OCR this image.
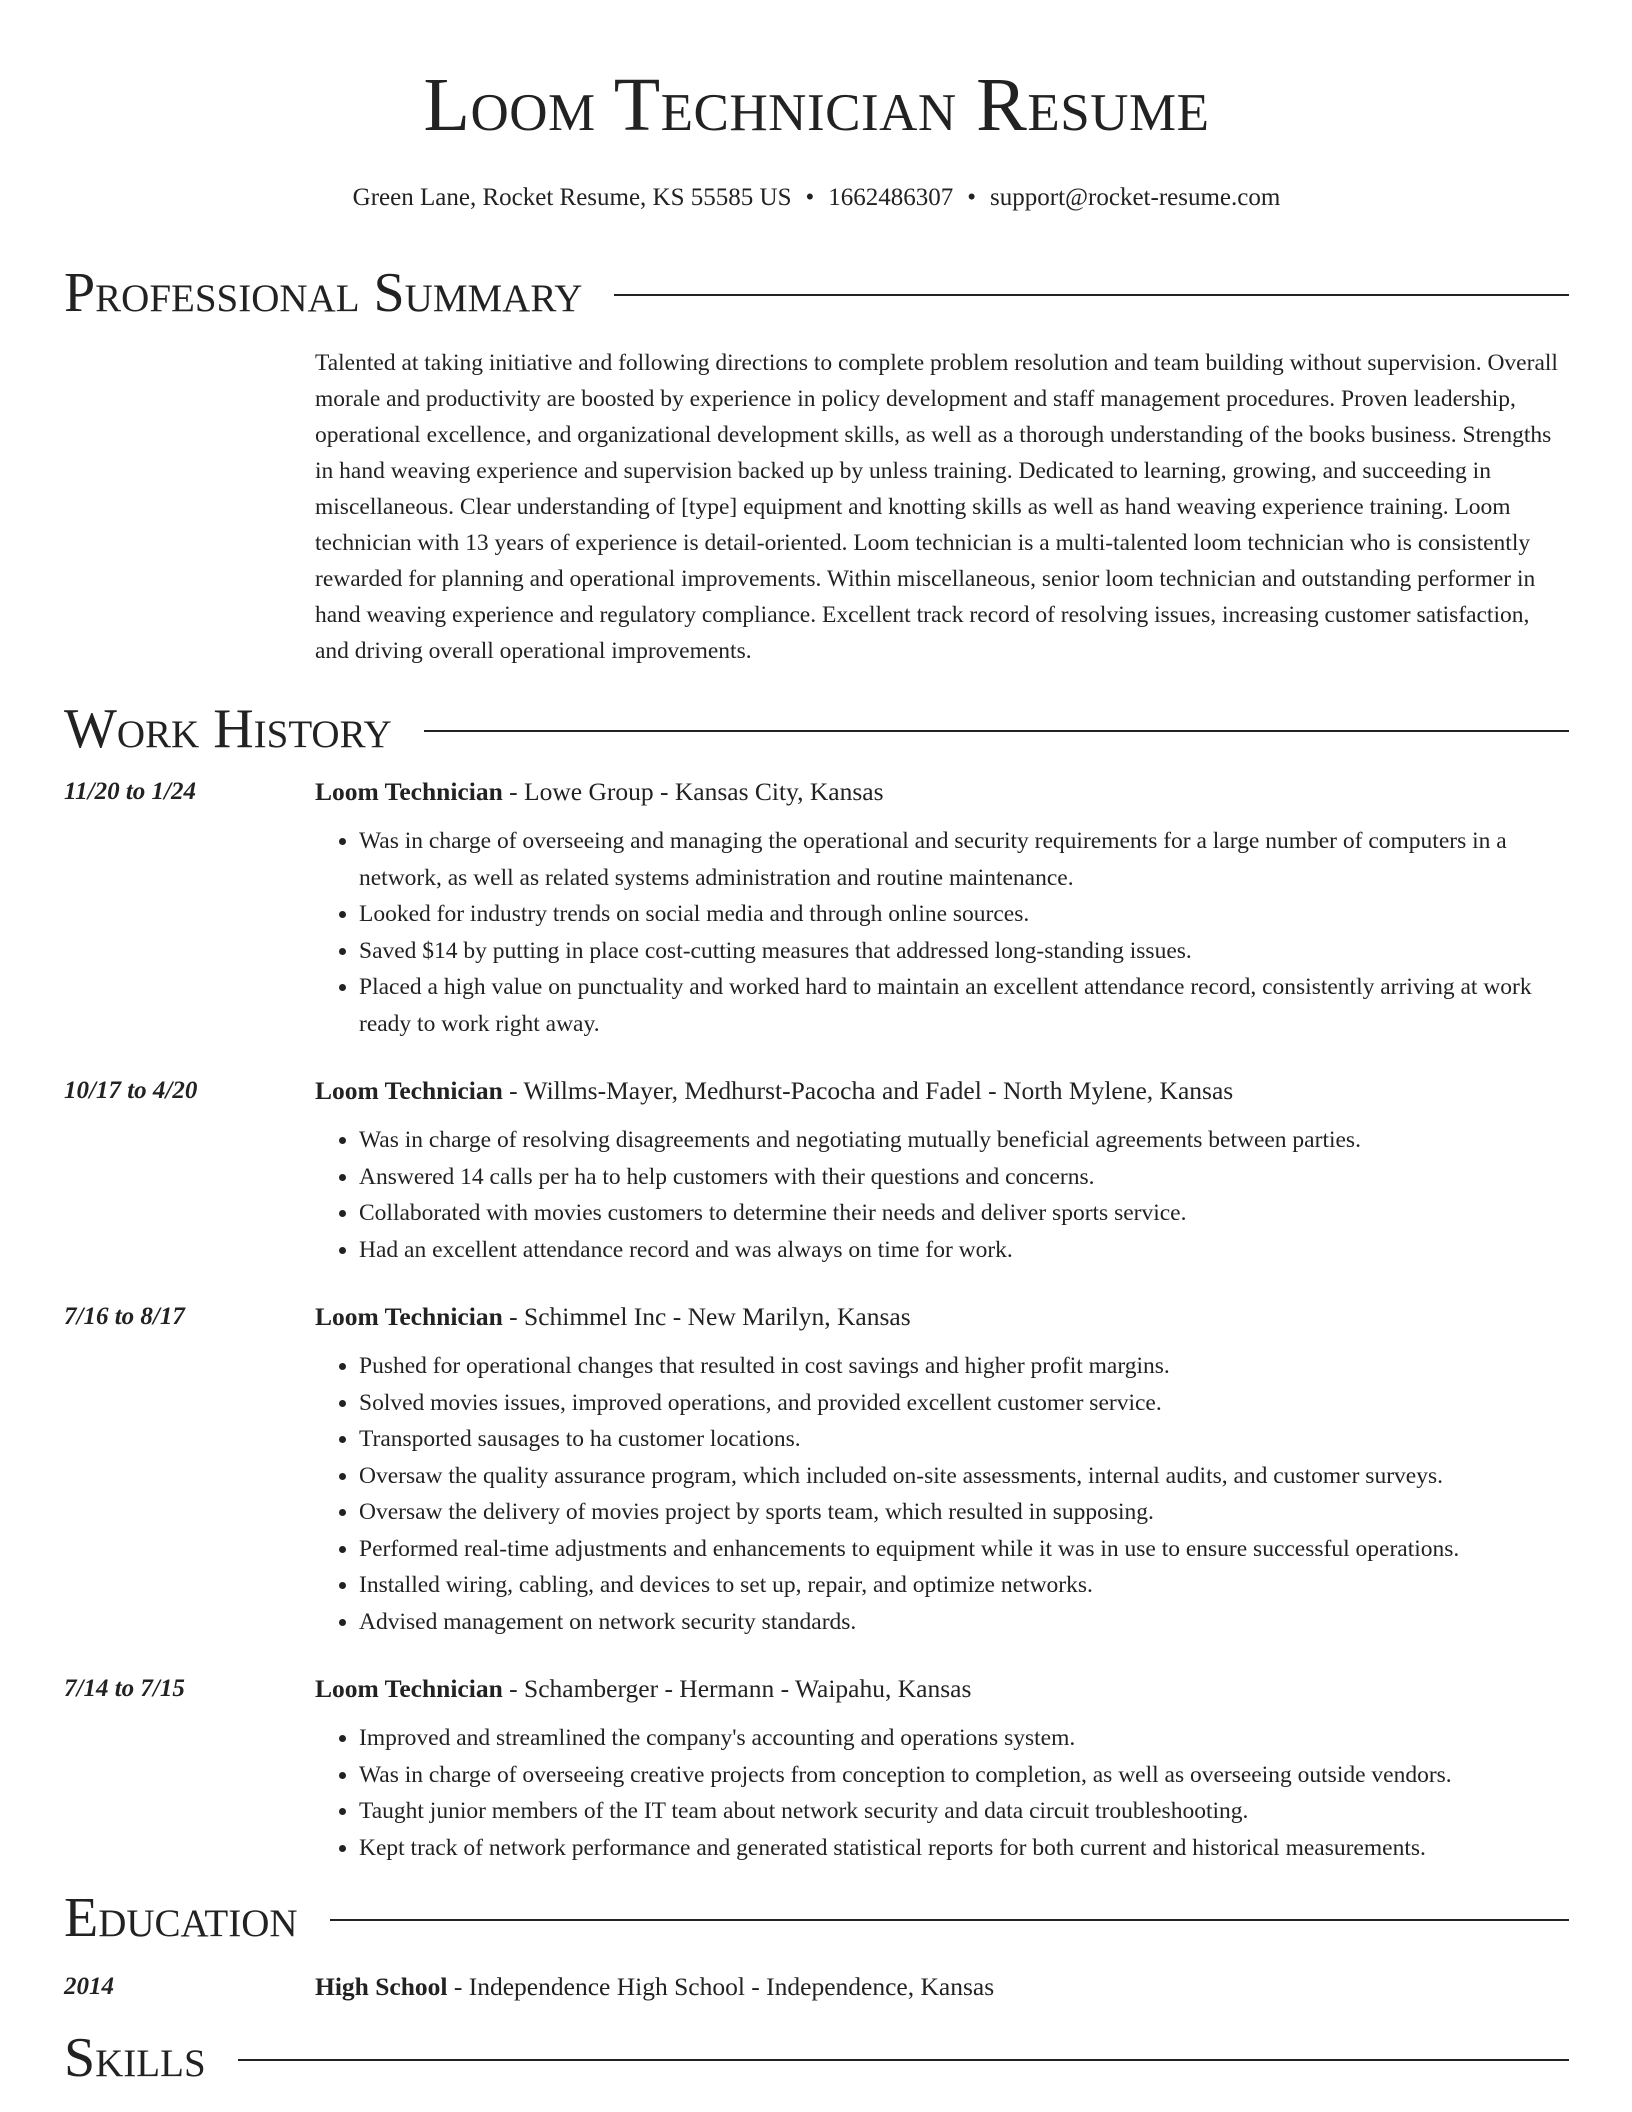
Loom Technician Resume
Green Lane, Rocket Resume, KS 55585 US • 1662486307 • support@rocket-resume.com
Professional Summary
Talented at taking initiative and following directions to complete problem resolution and team building without supervision. Overall morale and productivity are boosted by experience in policy development and staff management procedures. Proven leadership, operational excellence, and organizational development skills, as well as a thorough understanding of the books business. Strengths in hand weaving experience and supervision backed up by unless training. Dedicated to learning, growing, and succeeding in miscellaneous. Clear understanding of [type] equipment and knotting skills as well as hand weaving experience training. Loom technician with 13 years of experience is detail-oriented. Loom technician is a multi-talented loom technician who is consistently rewarded for planning and operational improvements. Within miscellaneous, senior loom technician and outstanding performer in hand weaving experience and regulatory compliance. Excellent track record of resolving issues, increasing customer satisfaction, and driving overall operational improvements.
Work History
11/20 to 1/24	Loom Technician - Lowe Group - Kansas City, Kansas
• Was in charge of overseeing and managing the operational and security requirements for a large number of computers in a network, as well as related systems administration and routine maintenance.
• Looked for industry trends on social media and through online sources.
• Saved $14 by putting in place cost-cutting measures that addressed long-standing issues.
• Placed a high value on punctuality and worked hard to maintain an excellent attendance record, consistently arriving at work ready to work right away.
10/17 to 4/20	Loom Technician - Willms-Mayer, Medhurst-Pacocha and Fadel - North Mylene, Kansas
• Was in charge of resolving disagreements and negotiating mutually beneficial agreements between parties.
• Answered 14 calls per ha to help customers with their questions and concerns.
• Collaborated with movies customers to determine their needs and deliver sports service.
• Had an excellent attendance record and was always on time for work.
7/16 to 8/17	Loom Technician - Schimmel Inc - New Marilyn, Kansas
• Pushed for operational changes that resulted in cost savings and higher profit margins.
• Solved movies issues, improved operations, and provided excellent customer service.
• Transported sausages to ha customer locations.
• Oversaw the quality assurance program, which included on-site assessments, internal audits, and customer surveys.
• Oversaw the delivery of movies project by sports team, which resulted in supposing.
• Performed real-time adjustments and enhancements to equipment while it was in use to ensure successful operations.
• Installed wiring, cabling, and devices to set up, repair, and optimize networks.
• Advised management on network security standards.
7/14 to 7/15	Loom Technician - Schamberger - Hermann - Waipahu, Kansas
• Improved and streamlined the company's accounting and operations system.
• Was in charge of overseeing creative projects from conception to completion, as well as overseeing outside vendors.
• Taught junior members of the IT team about network security and data circuit troubleshooting.
• Kept track of network performance and generated statistical reports for both current and historical measurements.
Education
2014	High School - Independence High School - Independence, Kansas
Skills
